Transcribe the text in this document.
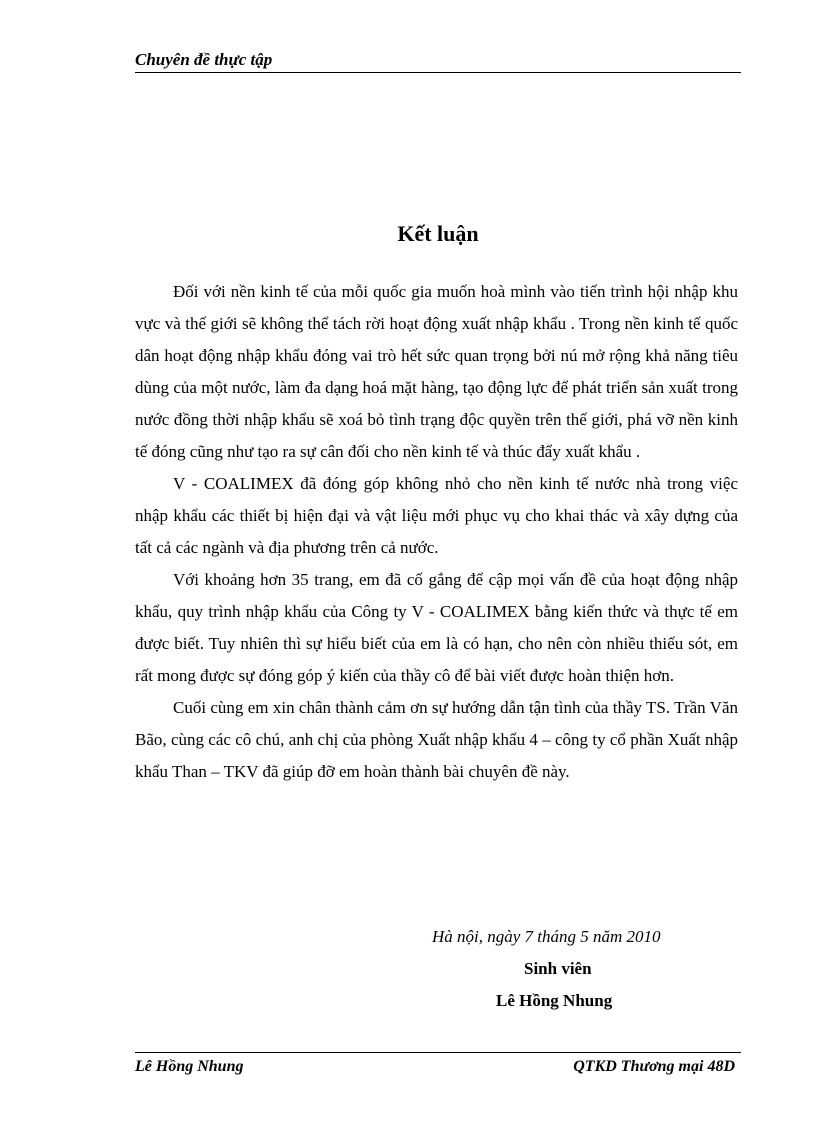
Chuyên đề thực tập
Kết luận

Đối với nền kinh tế của mỗi quốc gia muốn hoà mình vào tiến trình hội nhập khu vực và thế giới sẽ không thể tách rời hoạt động xuất nhập khẩu . Trong nền kinh tế quốc dân hoạt động nhập khẩu đóng vai trò hết sức quan trọng bởi nú mở rộng khả năng tiêu dùng của một nước, làm đa dạng hoá mặt hàng, tạo động lực để phát triển sản xuất trong nước đồng thời nhập khẩu sẽ xoá bỏ tình trạng độc quyền trên thế giới, phá vỡ nền kinh tế đóng cũng như tạo ra sự cân đối cho nền kinh tế và thúc đẩy xuất khẩu .

V - COALIMEX đã đóng góp không nhỏ cho nền kinh tế nước nhà trong việc nhập khẩu các thiết bị hiện đại và vật liệu mới phục vụ cho khai thác và xây dựng của tất cả các ngành và địa phương trên cả nước.

Với khoảng hơn 35 trang, em đã cố gắng để cập mọi vấn đề của hoạt động nhập khẩu, quy trình nhập khẩu của Công ty V - COALIMEX bằng kiến thức và thực tế em được biết. Tuy nhiên thì sự hiểu biết của em là có hạn, cho nên còn nhiều thiếu sót, em rất mong được sự đóng góp ý kiến của thầy cô để bài viết được hoàn thiện hơn.

Cuối cùng em xin chân thành cảm ơn sự hướng dẫn tận tình của thầy TS. Trần Văn Bão, cùng các cô chú, anh chị của phòng Xuất nhập khẩu 4 – công ty cổ phần Xuất nhập khẩu Than – TKV đã giúp đỡ em hoàn thành bài chuyên đề này.

Hà nội, ngày 7 tháng 5 năm 2010
Sinh viên
Lê Hồng Nhung
Lê Hồng Nhung	QTKD Thương mại 48D
